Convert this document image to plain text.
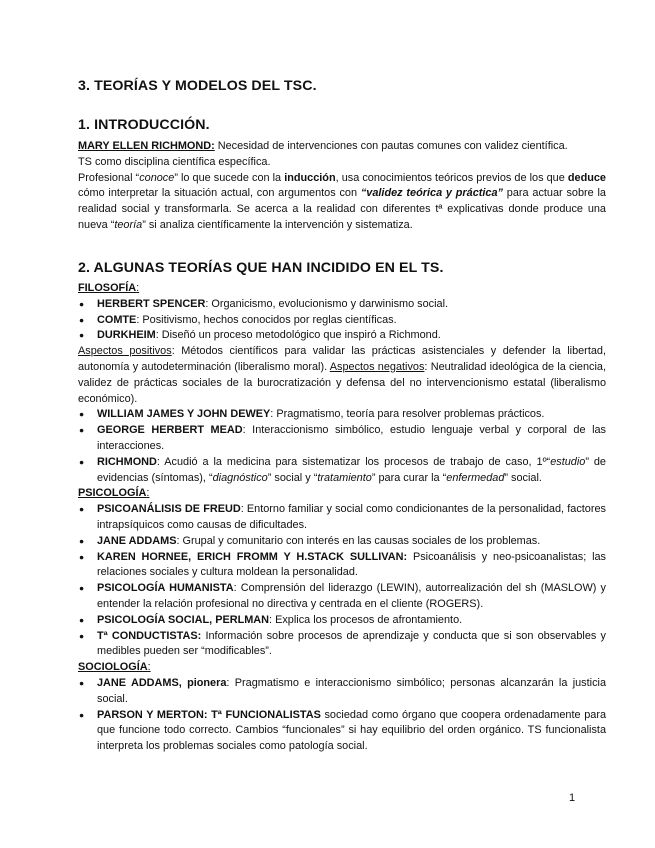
3. TEORÍAS Y MODELOS DEL TSC.
1. INTRODUCCIÓN.

MARY ELLEN RICHMOND: Necesidad de intervenciones con pautas comunes con validez científica.

TS como disciplina científica específica.

Profesional “conoce” lo que sucede con la inducción, usa conocimientos teóricos previos de los que deduce cómo interpretar la situación actual, con argumentos con “validez teórica y práctica” para actuar sobre la realidad social y transformarla. Se acerca a la realidad con diferentes tª explicativas donde produce una nueva “teoría” si analiza científicamente la intervención y sistematiza.

2. ALGUNAS TEORÍAS QUE HAN INCIDIDO EN EL TS.
FILOSOFÍA:
● HERBERT SPENCER: Organicismo, evolucionismo y darwinismo social.
● COMTE: Positivismo, hechos conocidos por reglas científicas.
● DURKHEIM: Diseñó un proceso metodológico que inspiró a Richmond.

Aspectos positivos: Métodos científicos para validar las prácticas asistenciales y defender la libertad, autonomía y autodeterminación (liberalismo moral). Aspectos negativos: Neutralidad ideológica de la ciencia, validez de prácticas sociales de la burocratización y defensa del no intervencionismo estatal (liberalismo económico).

● WILLIAM JAMES Y JOHN DEWEY: Pragmatismo, teoría para resolver problemas prácticos.
● GEORGE HERBERT MEAD: Interaccionismo simbólico, estudio lenguaje verbal y corporal de las interacciones.
● RICHMOND: Acudió a la medicina para sistematizar los procesos de trabajo de caso, 1º“estudio” de evidencias (síntomas), “diagnóstico” social y “tratamiento” para curar la “enfermedad” social.
PSICOLOGÍA:
● PSICOANÁLISIS DE FREUD: Entorno familiar y social como condicionantes de la personalidad, factores intrapsíquicos como causas de dificultades.
● JANE ADDAMS: Grupal y comunitario con interés en las causas sociales de los problemas.
● KAREN HORNEE, ERICH FROMM Y H.STACK SULLIVAN: Psicoanálisis y neo-psicoanalistas; las relaciones sociales y cultura moldean la personalidad.
● PSICOLOGÍA HUMANISTA: Comprensión del liderazgo (LEWIN), autorrealización del sh (MASLOW) y entender la relación profesional no directiva y centrada en el cliente (ROGERS).
● PSICOLOGÍA SOCIAL, PERLMAN: Explica los procesos de afrontamiento.
● Tª CONDUCTISTAS: Información sobre procesos de aprendizaje y conducta que si son observables y medibles pueden ser “modificables”.
SOCIOLOGÍA:
● JANE ADDAMS, pionera: Pragmatismo e interaccionismo simbólico; personas alcanzarán la justicia social.
● PARSON Y MERTON: Tª FUNCIONALISTAS sociedad como órgano que coopera ordenadamente para que funcione todo correcto. Cambios “funcionales” si hay equilibrio del orden orgánico. TS funcionalista interpreta los problemas sociales como patología social.
1
